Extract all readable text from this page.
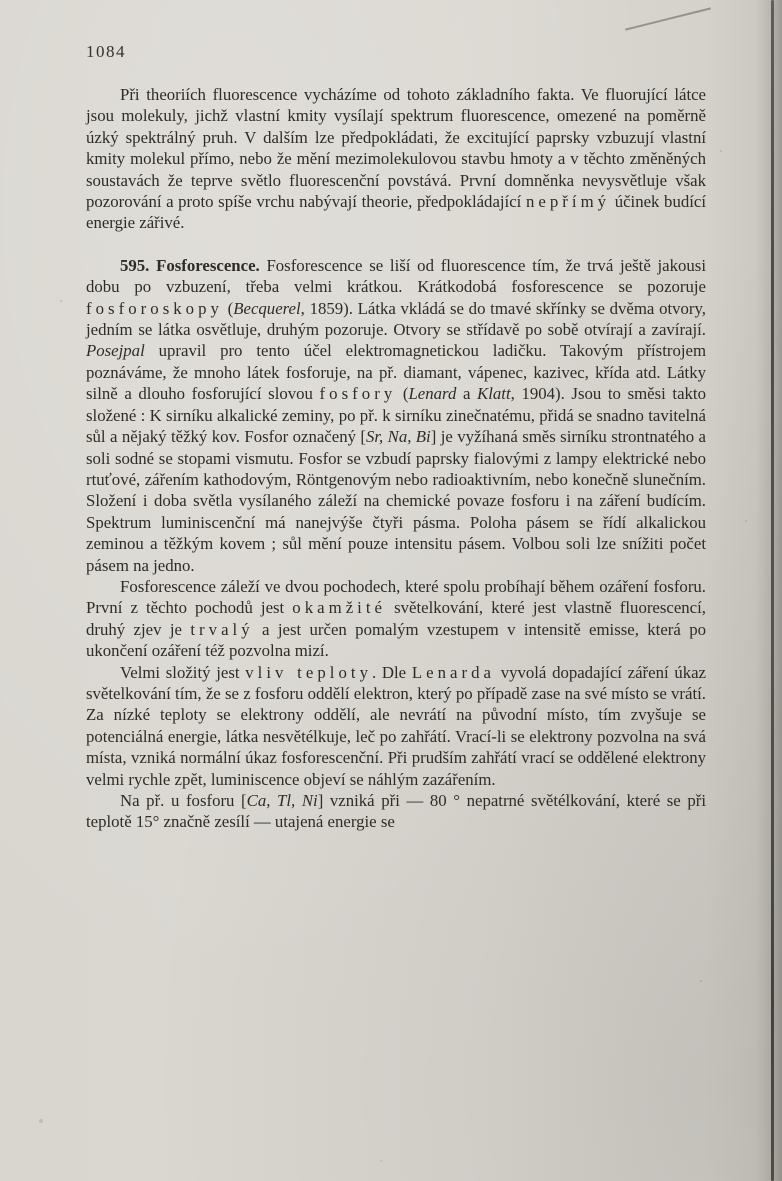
1084

Při theoriích fluorescence vycházíme od tohoto základního fakta. Ve fluorující látce jsou molekuly, jichž vlastní kmity vysílají spektrum fluorescence, omezené na poměrně úzký spektrálný pruh. V dalším lze předpokládati, že excitující paprsky vzbuzují vlastní kmity molekul přímo, nebo že mění mezimolekulovou stavbu hmoty a v těchto změněných soustavách že teprve světlo fluorescenční povstává. První domněnka nevysvětluje však pozorování a proto spíše vrchu nabývají theorie, předpokládající nepřímý účinek budící energie zářivé.

595. Fosforescence. Fosforescence se liší od fluorescence tím, že trvá ještě jakousi dobu po vzbuzení, třeba velmi krátkou. Krátkodobá fosforescence se pozoruje fosforoskopy (Becquerel, 1859). Látka vkládá se do tmavé skřínky se dvěma otvory, jedním se látka osvětluje, druhým pozoruje. Otvory se střídavě po sobě otvírají a zavírají. Posejpal upravil pro tento účel elektromagnetickou ladičku. Takovým přístrojem poznáváme, že mnoho látek fosforuje, na př. diamant, vápenec, kazivec, křída atd. Látky silně a dlouho fosforující slovou fosfory (Lenard a Klatt, 1904). Jsou to směsi takto složené : K sirníku alkalické zeminy, po př. k sirníku zinečnatému, přidá se snadno tavitelná sůl a nějaký těžký kov. Fosfor označený [Sr, Na, Bi] je vyžíhaná směs sirníku strontnatého a soli sodné se stopami vismutu. Fosfor se vzbudí paprsky fialovými z lampy elektrické nebo rtuťové, zářením kathodovým, Röntgenovým nebo radioaktivním, nebo konečně slunečním. Složení i doba světla vysílaného záleží na chemické povaze fosforu i na záření budícím. Spektrum luminiscenční má nanejvýše čtyři pásma. Poloha pásem se řídí alkalickou zeminou a těžkým kovem ; sůl mění pouze intensitu pásem. Volbou soli lze snížiti počet pásem na jedno.

Fosforescence záleží ve dvou pochodech, které spolu probíhají během ozáření fosforu. První z těchto pochodů jest okamžité světelkování, které jest vlastně fluorescencí, druhý zjev je trvalý a jest určen pomalým vzestupem v intensitě emisse, která po ukončení ozáření též pozvolna mizí.

Velmi složitý jest vliv teploty. Dle Lenarda vyvolá dopadající záření úkaz světelkování tím, že se z fosforu oddělí elektron, který po případě zase na své místo se vrátí. Za nízké teploty se elektrony oddělí, ale nevrátí na původní místo, tím zvyšuje se potenciálná energie, látka nesvětélkuje, leč po zahřátí. Vrací-li se elektrony pozvolna na svá místa, vzniká normální úkaz fosforescenční. Při prudším zahřátí vrací se oddělené elektrony velmi rychle zpět, luminiscence objeví se náhlým zazářením.

Na př. u fosforu [Ca, Tl, Ni] vzniká při — 80 ° nepatrné světélkování, které se při teplotě 15° značně zesílí — utajená energie se
